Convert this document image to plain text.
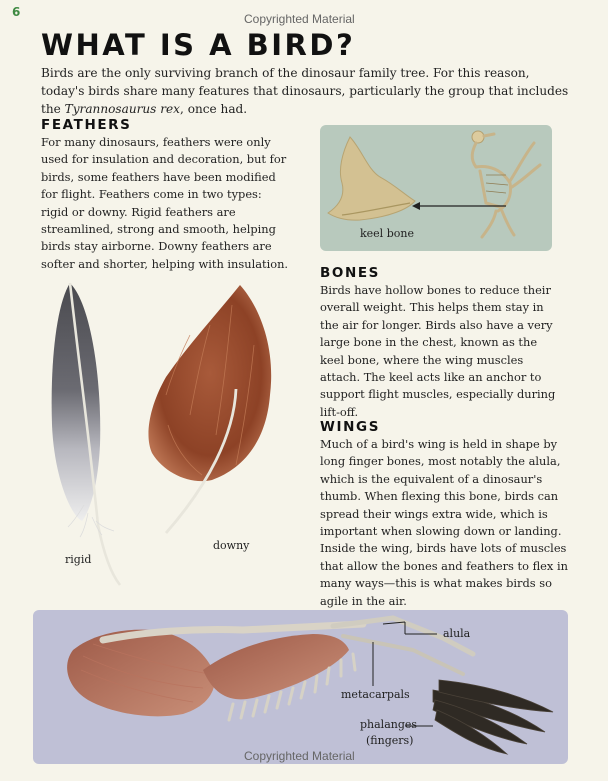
6	Copyrighted Material
WHAT IS A BIRD?

Birds are the only surviving branch of the dinosaur family tree. For this reason, today's birds share many features that dinosaurs, particularly the group that includes the Tyrannosaurus rex, once had.

FEATHERS

For many dinosaurs, feathers were only used for insulation and decoration, but for birds, some feathers have been modified for flight. Feathers come in two types: rigid or downy. Rigid feathers are streamlined, strong and smooth, helping birds stay airborne. Downy feathers are softer and shorter, helping with insulation.

keel bone
BONES

Birds have hollow bones to reduce their overall weight. This helps them stay in the air for longer. Birds also have a very large bone in the chest, known as the keel bone, where the wing muscles attach. The keel acts like an anchor to support flight muscles, especially during lift-off.

rigid
downy
WINGS

Much of a bird's wing is held in shape by long finger bones, most notably the alula, which is the equivalent of a dinosaur's thumb. When flexing this bone, birds can spread their wings extra wide, which is important when slowing down or landing. Inside the wing, birds have lots of muscles that allow the bones and feathers to flex in many ways—this is what makes birds so agile in the air.

alula
metacarpals
phalanges
(fingers)
Copyrighted Material
